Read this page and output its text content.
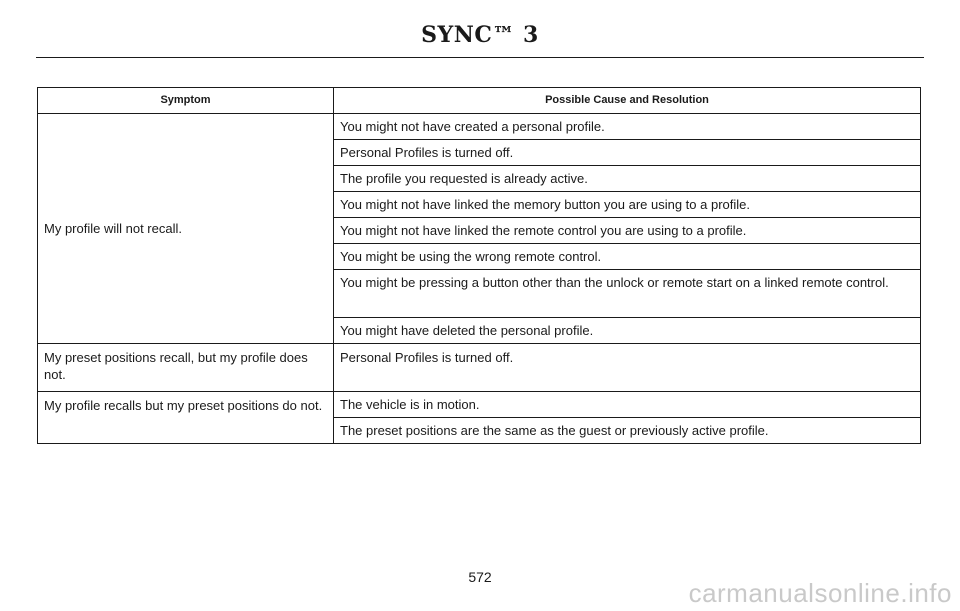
SYNC™ 3
Symptom	Possible Cause and Resolution
My profile will not recall.	You might not have created a personal profile.
	Personal Profiles is turned off.
	The profile you requested is already active.
	You might not have linked the memory button you are using to a profile.
	You might not have linked the remote control you are using to a profile.
	You might be using the wrong remote control.
	You might be pressing a button other than the unlock or remote start on a linked remote control.
	You might have deleted the personal profile.
My preset positions recall, but my profile does not.	Personal Profiles is turned off.
My profile recalls but my preset positions do not.	The vehicle is in motion.
	The preset positions are the same as the guest or previously active profile.
572
carmanualsonline.info
